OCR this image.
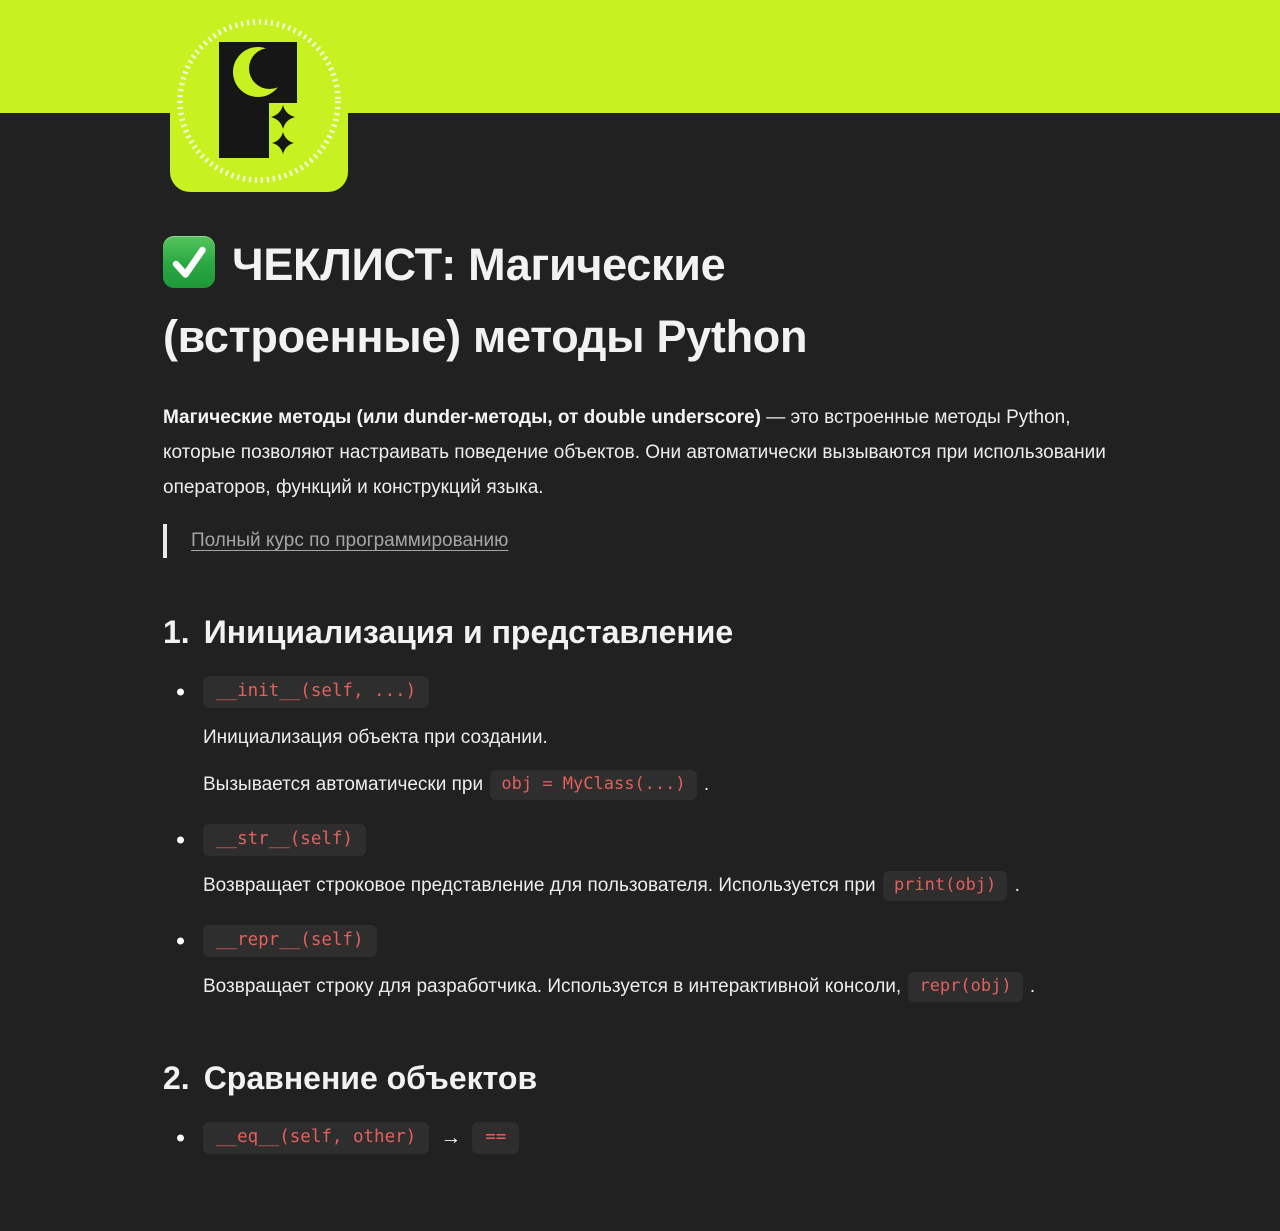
ЧЕКЛИСТ: Магические
(встроенные) методы Python

Магические методы (или dunder-методы, от double underscore) — это встроенные методы Python, которые позволяют настраивать поведение объектов. Они автоматически вызываются при использовании операторов, функций и конструкций языка.

Полный курс по программированию
1. Инициализация и представление
__init__(self, ...)

Инициализация объекта при создании.

Вызывается автоматически при obj = MyClass(...) .

__str__(self)

Возвращает строковое представление для пользователя. Используется при print(obj) .

__repr__(self)

Возвращает строку для разработчика. Используется в интерактивной консоли, repr(obj) .

2. Сравнение объектов
__eq__(self, other)	→	==
